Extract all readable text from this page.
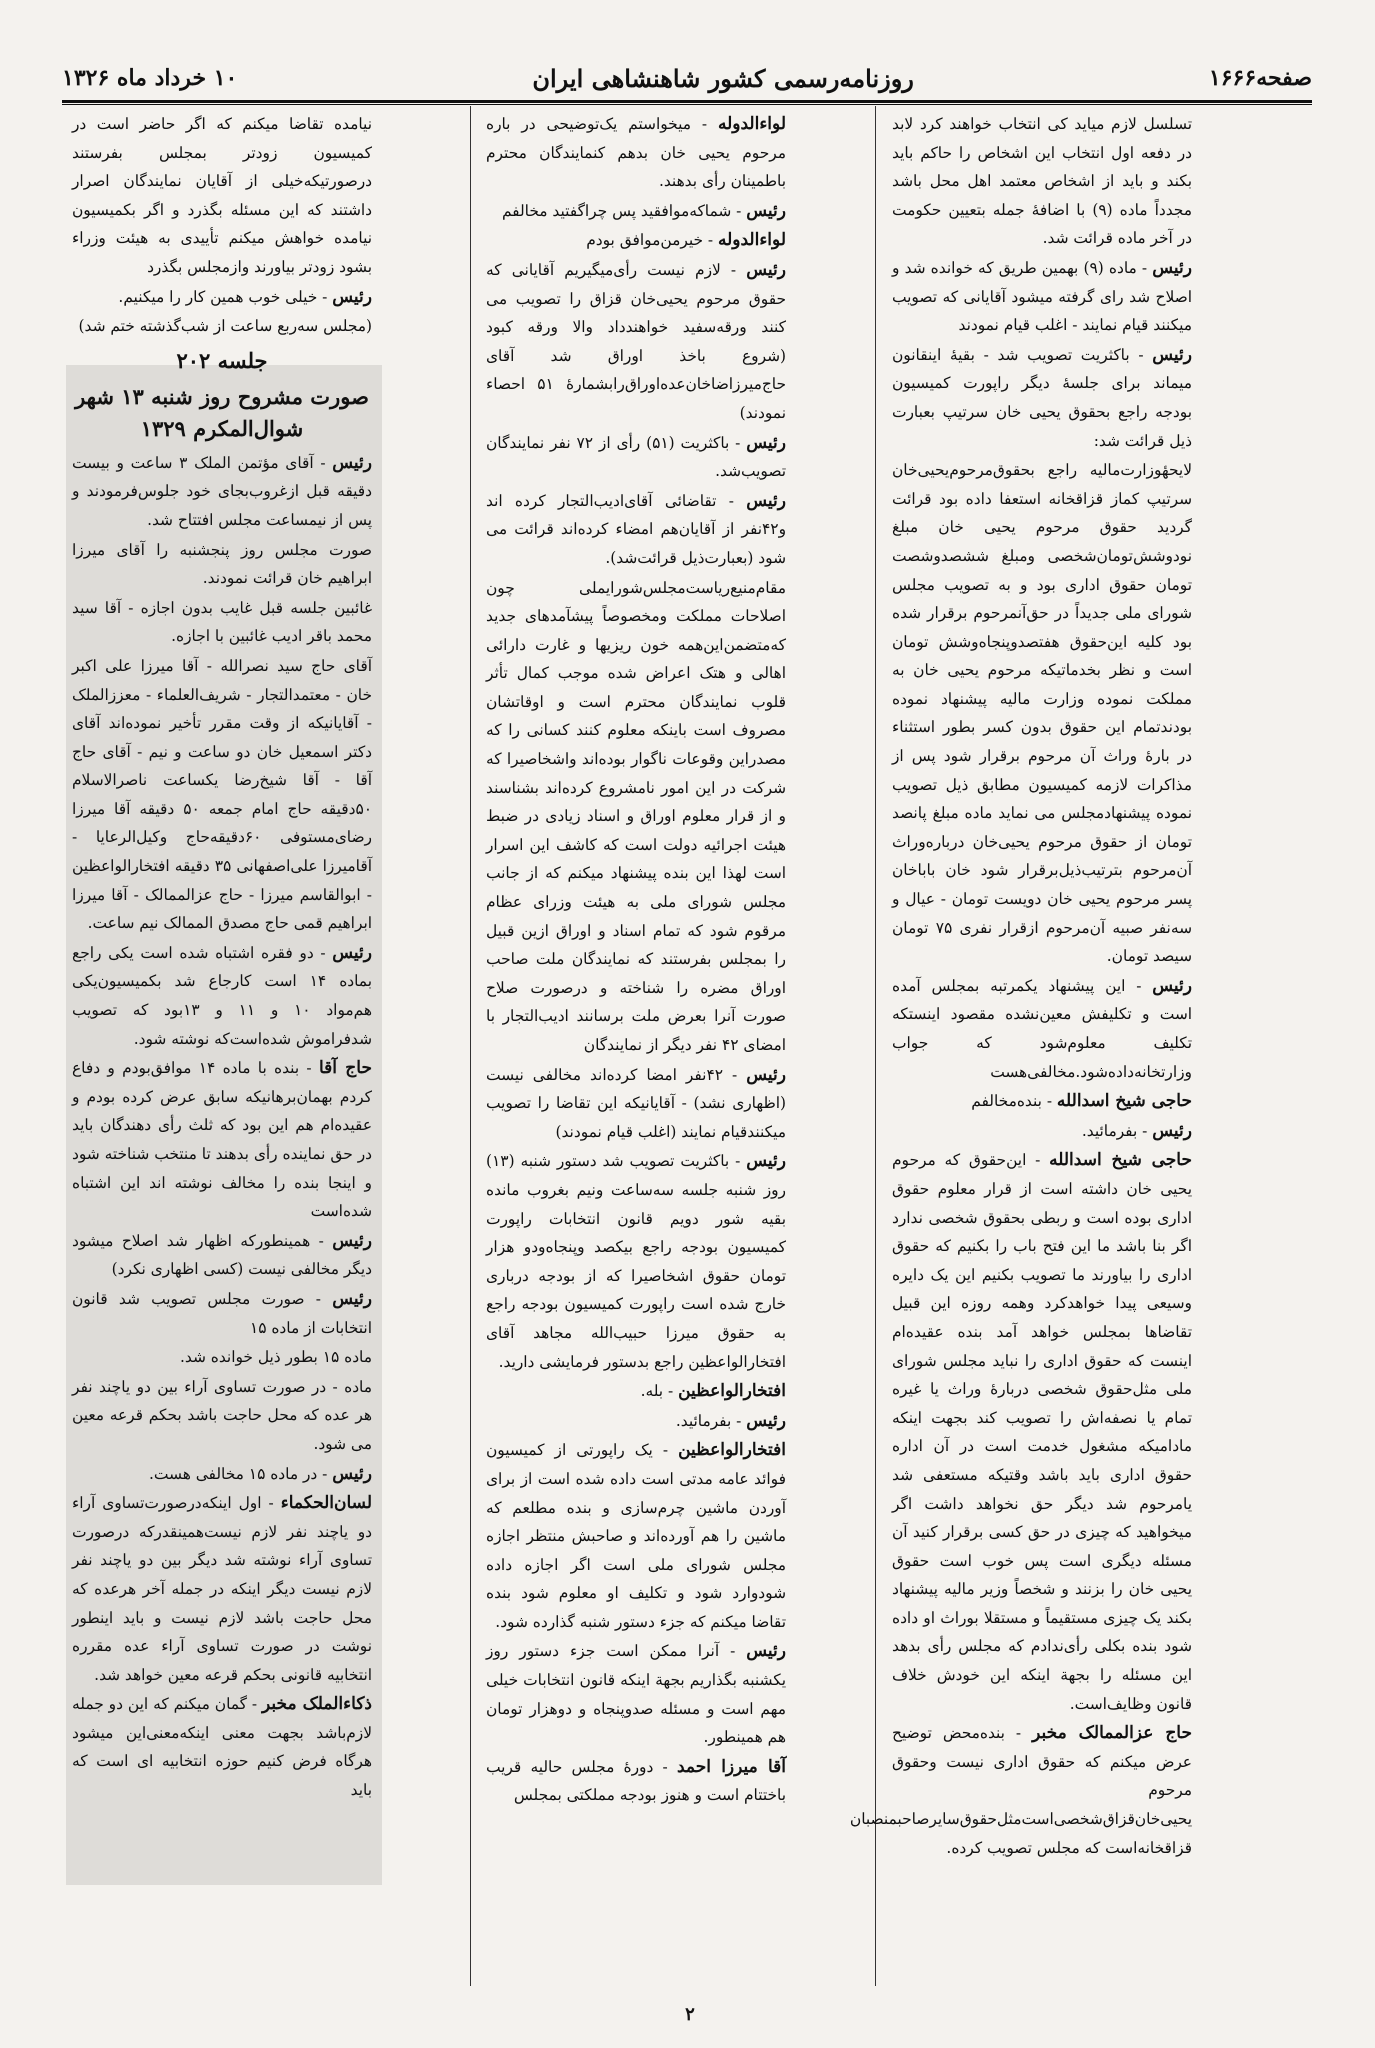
صفحه۱۶۶۶
روزنامه‌رسمی کشور شاهنشاهی ایران
۱۰ خرداد ماه ۱۳۲۶

تسلسل لازم میاید کی انتخاب خواهند کرد لابد در دفعه اول انتخاب این اشخاص را حاکم باید بکند و باید از اشخاص معتمد اهل محل باشد مجدداً ماده (۹) با اضافهٔ جمله بتعیین حکومت در آخر ماده قرائت شد.

رئیس - ماده (۹) بهمین طریق که خوانده شد و اصلاح شد رای گرفته میشود آقایانی که تصویب میکنند قیام نمایند - اغلب قیام نمودند

رئیس - باکثریت تصویب شد - بقیهٔ اینقانون میماند برای جلسهٔ دیگر راپورت کمیسیون بودجه راجع بحقوق یحیی خان سرتیپ بعبارت ذیل قرائت شد:

لایحهٔوزارت‌مالیه راجع بحقوق‌مرحوم‌یحیی‌خان سرتیپ کماز قزاقخانه استعفا داده بود قرائت گردید حقوق مرحوم یحیی خان مبلغ نودوشش‌تومان‌شخصی ومبلغ ششصدوشصت تومان حقوق اداری بود و به تصویب مجلس شورای ملی جدیداً در حق‌آنمرحوم برقرار شده بود کلیه این‌حقوق هفتصدوپنجاه‌وشش تومان است و نظر بخدماتیکه مرحوم یحیی خان به مملکت نموده وزارت مالیه پیشنهاد نموده بودندتمام این حقوق بدون کسر بطور استثناء در بارهٔ وراث آن مرحوم برقرار شود پس از مذاکرات لازمه کمیسیون مطابق ذیل تصویب نموده پیشنهادمجلس می نماید ماده مبلغ پانصد تومان از حقوق مرحوم یحیی‌خان درباره‌وراث آن‌مرحوم بترتیب‌ذیل‌برقرار شود خان باباخان پسر مرحوم یحیی خان دویست تومان - عیال و سه‌نفر صبیه آن‌مرحوم ازقرار نفری ۷۵ تومان سیصد تومان.

رئیس - این پیشنهاد یکمرتبه بمجلس آمده است و تکلیفش معین‌نشده مقصود اینستکه تکلیف معلوم‌شود که جواب وزارتخانه‌داده‌شود.مخالفی‌هست

حاجی شیخ اسدالله - بنده‌مخالفم

رئیس - بفرمائید.

حاجی شیخ اسدالله - این‌حقوق که مرحوم یحیی خان داشته است از قرار معلوم حقوق اداری بوده است و ربطی بحقوق شخصی ندارد اگر بنا باشد ما این فتح باب را بکنیم که حقوق اداری را بیاورند ما تصویب بکنیم این یک دایره وسیعی پیدا خواهدکرد وهمه روزه این قبیل تقاضا‌ها بمجلس خواهد آمد بنده عقیده‌ام اینست که حقوق اداری را نباید مجلس شورای ملی مثل‌حقوق شخصی دربارهٔ وراث یا غیره تمام یا نصفه‌اش را تصویب کند بجهت اینکه مادامیکه مشغول خدمت است در آن اداره حقوق اداری باید باشد وقتیکه مستعفی شد یامرحوم شد دیگر حق نخواهد داشت اگر میخواهید که چیزی در حق کسی برقرار کنید آن مسئله دیگری است پس خوب است حقوق یحیی خان را بزنند و شخصاً وزیر مالیه پیشنهاد بکند یک چیزی مستقیماً و مستقلا بوراث او داده شود بنده بکلی رأی‌ندادم که مجلس رأی بدهد این مسئله را بجهة اینکه این خودش خلاف قانون وظایف‌است.

حاج عزالممالک مخبر - بنده‌محض توضیح عرض میکنم که حقوق اداری نیست وحقوق مرحوم یحیی‌خان‌قزاق‌شخصی‌است‌مثل‌حقوق‌سایرصاحبمنصبان قزاقخانه‌است که مجلس تصویب کرده.

لواءالدوله - میخواستم یک‌توضیحی در باره مرحوم یحیی خان بدهم کنمایندگان محترم باطمینان رأی بدهند.

رئیس - شماکه‌موافقید پس چراگفتید مخالفم

لواءالدوله - خیر‌من‌موافق بودم

رئیس - لازم نیست رأی‌میگیریم آقایانی که حقوق مرحوم یحیی‌خان قزاق را تصویب می کنند ورقه‌سفید خواهندداد والا ورقه کبود (شروع باخذ اوراق شد آقای حاج‌میرزاضاخان‌عده‌اوراق‌رابشمارهٔ ۵۱ احصاء نمودند)

رئیس - باکثریت (۵۱) رأی از ۷۲ نفر نمایندگان تصویب‌شد.

رئیس - تقاضائی آقای‌ادیب‌التجار کرده اند و۴۲نفر از آقایان‌هم امضاء کرده‌اند قرائت می شود (بعبارت‌ذیل قرائت‌شد).

مقام‌منیع‌ریاست‌مجلس‌شورا‌یملی چون اصلاحات مملکت ومخصوصاً پیشآمدهای جدید که‌متضمن‌این‌همه خون ریزیها و غارت دارائی اهالی و هتک اعراض شده موجب کمال تأثر قلوب نمایندگان محترم است و اوقاتشان مصروف است باینکه معلوم کنند کسانی را که مصدراین وقوعات ناگوار بوده‌اند واشخاصیرا که شرکت در این امور نامشروع کرده‌اند بشناسند و از قرار معلوم اوراق و اسناد زیادی در ضبط هیئت اجرائیه دولت است که کاشف این اسرار است لهذا این بنده پیشنهاد میکنم که از جانب مجلس شورای ملی به هیئت وزرای عظام مرقوم شود که تمام اسناد و اوراق ازین قبیل را بمجلس بفرستند که نمایندگان ملت صاحب اوراق مضره را شناخته و درصورت صلاح صورت آنرا بعرض ملت برسانند ادیب‌التجار با امضای ۴۲ نفر دیگر از نمایندگان

رئیس - ۴۲نفر امضا کرده‌اند مخالفی نیست (اظهاری نشد) - آقایانیکه این تقاضا را تصویب میکنندقیام نمایند (اغلب قیام نمودند)

رئیس - باکثریت تصویب شد دستور شنبه (۱۳) روز شنبه جلسه سه‌ساعت ونیم بغروب مانده بقیه شور دویم قانون انتخابات راپورت کمیسیون بودجه راجع بیکصد وپنجاه‌ودو هزار تومان حقوق اشخاصیرا که از بودجه درباری خارج شده است راپورت کمیسیون بودجه راجع به حقوق میرزا حبیب‌الله مجاهد آقای افتخارالواعظین راجع بدستور فرمایشی دارید.

افتخارالواعظین - بله.

رئیس - بفرمائید.

افتخارالواعظین - یک راپورتی از کمیسیون فوائد عامه مدتی است داده شده است از برای آوردن ماشین چرم‌سازی و بنده مطلعم که ماشین را هم آورده‌اند و صاحبش منتظر اجازه مجلس شورای ملی است اگر اجازه داده شودوارد شود و تکلیف او معلوم شود بنده تقاضا میکنم که جزء دستور شنبه گذارده شود.

رئیس - آنرا ممکن است جزء دستور روز یکشنبه بگذاریم بجهة اینکه قانون انتخابات خیلی مهم است و مسئله صدوپنجاه و دوهزار تومان هم همینطور.

آقا میرزا احمد - دورهٔ مجلس حالیه قریب باختتام است و هنوز بودجه مملکتی بمجلس

نیامده تقاضا میکنم که اگر حاضر است در کمیسیون زودتر بمجلس بفرستند درصورتیکه‌خیلی از آقایان نمایندگان اصرار داشتند که این مسئله بگذرد و اگر بکمیسیون نیامده خواهش میکنم تأییدی به هیئت وزراء بشود زودتر بیاورند واز‌مجلس بگذرد

رئیس - خیلی خوب همین کار را میکنیم.

(مجلس سه‌ربع ساعت از شب‌گذشته ختم شد)

جلسه ۲۰۲
صورت مشروح روز شنبه ۱۳ شهر شوال‌المکرم ۱۳۲۹

رئیس - آقای مؤتمن الملک ۳ ساعت و بیست دقیقه قبل ازغروب‌بجای خود جلوس‌فرمودند و پس از نیمساعت مجلس افتتاح شد.

صورت مجلس روز پنجشنبه را آقای میرزا ابراهیم خان قرائت نمودند.

غائبین جلسه قبل غایب بدون اجازه - آقا سید محمد باقر ادیب غائبین با اجازه.

آقای حاج سید نصرالله - آقا میرزا علی اکبر خان - معتمدالتجار - شریف‌العلماء - معززالملک - آقایانیکه از وقت مقرر تأخیر نموده‌اند آقای دکتر اسمعیل خان دو ساعت و نیم - آقای حاج آقا - آقا شیخ‌رضا یکساعت ناصرالاسلام ۵۰دقیقه حاج امام جمعه ۵۰ دقیقه آقا میرزا رضای‌مستوفی ۶۰دقیقه‌حاج وکیل‌الرعایا - آقامیرزا علی‌اصفهانی ۳۵ دقیقه افتخارالواعظین - ابوالقاسم میرزا - حاج عزالممالک - آقا میرزا ابراهیم قمی حاج مصدق الممالک نیم ساعت.

رئیس - دو فقره اشتباه شده است یکی راجع بماده ۱۴ است کارجاع شد بکمیسیون‌یکی هم‌مواد ۱۰ و ۱۱ و ۱۳بود که تصویب شدفراموش شده‌است‌که نوشته شود.

حاج آقا - بنده با ماده ۱۴ موافق‌بودم و دفاع کردم بهمان‌برهانیکه سابق عرض کرده بودم و عقیده‌ام هم این بود که ثلث رأی دهندگان باید در حق نماینده رأی بدهند تا منتخب شناخته شود و اینجا بنده را مخالف نوشته اند این اشتباه شده‌است

رئیس - همینطورکه اظهار شد اصلاح میشود دیگر مخالفی نیست (کسی اظهاری نکرد)

رئیس - صورت مجلس تصویب شد قانون انتخابات از ماده ۱۵

ماده ۱۵ بطور ذیل خوانده شد.

ماده - در صورت تساوی آراء بین دو یاچند نفر هر عده که محل حاجت باشد بحکم قرعه معین می شود.

رئیس - در ماده ۱۵ مخالفی هست.

لسان‌الحکماء - اول اینکه‌درصورت‌تساوی آراء دو یاچند نفر لازم نیست‌همینقدرکه درصورت تساوی آراء نوشته شد دیگر بین دو یاچند نفر لازم نیست دیگر اینکه در جمله آخر هرعده که محل حاجت باشد لازم نیست و باید اینطور نوشت در صورت تساوی آراء عده مقرره انتخابیه قانونی بحکم قرعه معین خواهد شد.

ذکاءالملک مخبر - گمان میکنم که این دو جمله لازم‌باشد بجهت معنی اینکه‌معنی‌این میشود هرگاه فرض کنیم حوزه انتخابیه ای است که باید

۲
